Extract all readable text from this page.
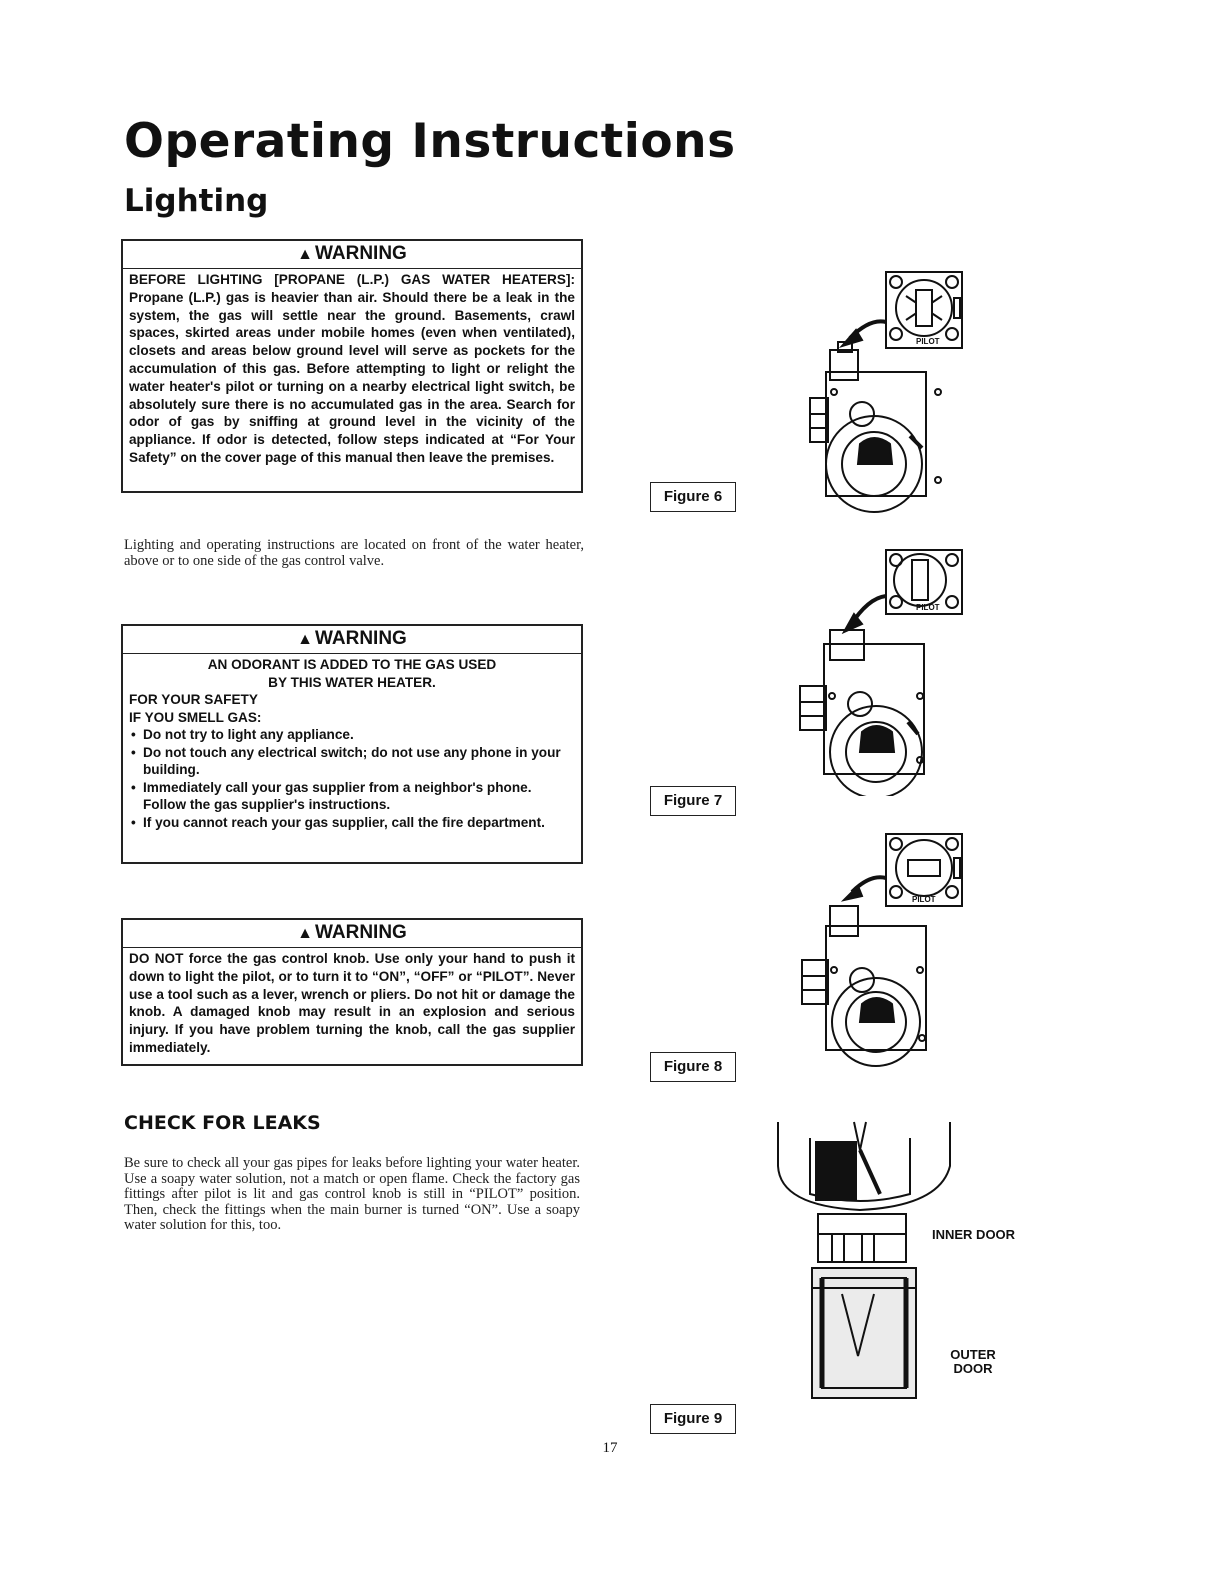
Operating Instructions
Lighting
▲ WARNING
BEFORE LIGHTING [PROPANE (L.P.) GAS WATER HEATERS]: Propane (L.P.) gas is heavier than air. Should there be a leak in the system, the gas will settle near the ground. Basements, crawl spaces, skirted areas under mobile homes (even when ventilated), closets and areas below ground level will serve as pockets for the accumulation of this gas. Before attempting to light or relight the water heater's pilot or turning on a nearby electrical light switch, be absolutely sure there is no accumulated gas in the area. Search for odor of gas by sniffing at ground level in the vicinity of the appliance. If odor is detected, follow steps indicated at “For Your Safety” on the cover page of this manual then leave the premises.

Lighting and operating instructions are located on front of the water heater, above or to one side of the gas control valve.

▲ WARNING
AN ODORANT IS ADDED TO THE GAS USED
BY THIS WATER HEATER.
FOR YOUR SAFETY
IF YOU SMELL GAS:
• Do not try to light any appliance.
• Do not touch any electrical switch; do not use any phone in your building.
• Immediately call your gas supplier from a neighbor's phone. Follow the gas supplier's instructions.
• If you cannot reach your gas supplier, call the fire department.
▲ WARNING
DO NOT force the gas control knob. Use only your hand to push it down to light the pilot, or to turn it to “ON”, “OFF” or “PILOT”. Never use a tool such as a lever, wrench or pliers. Do not hit or damage the knob. A damaged knob may result in an explosion and serious injury. If you have problem turning the knob, call the gas supplier immediately.
CHECK FOR LEAKS

Be sure to check all your gas pipes for leaks before lighting your water heater. Use a soapy water solution, not a match or open flame. Check the factory gas fittings after pilot is lit and gas control knob is still in “PILOT” position. Then, check the fittings when the main burner is turned “ON”. Use a soapy water solution for this, too.

Figure 6
Figure 7
Figure 8
Figure 9
PILOT
PILOT
PILOT
INNER DOOR
OUTER DOOR
17
